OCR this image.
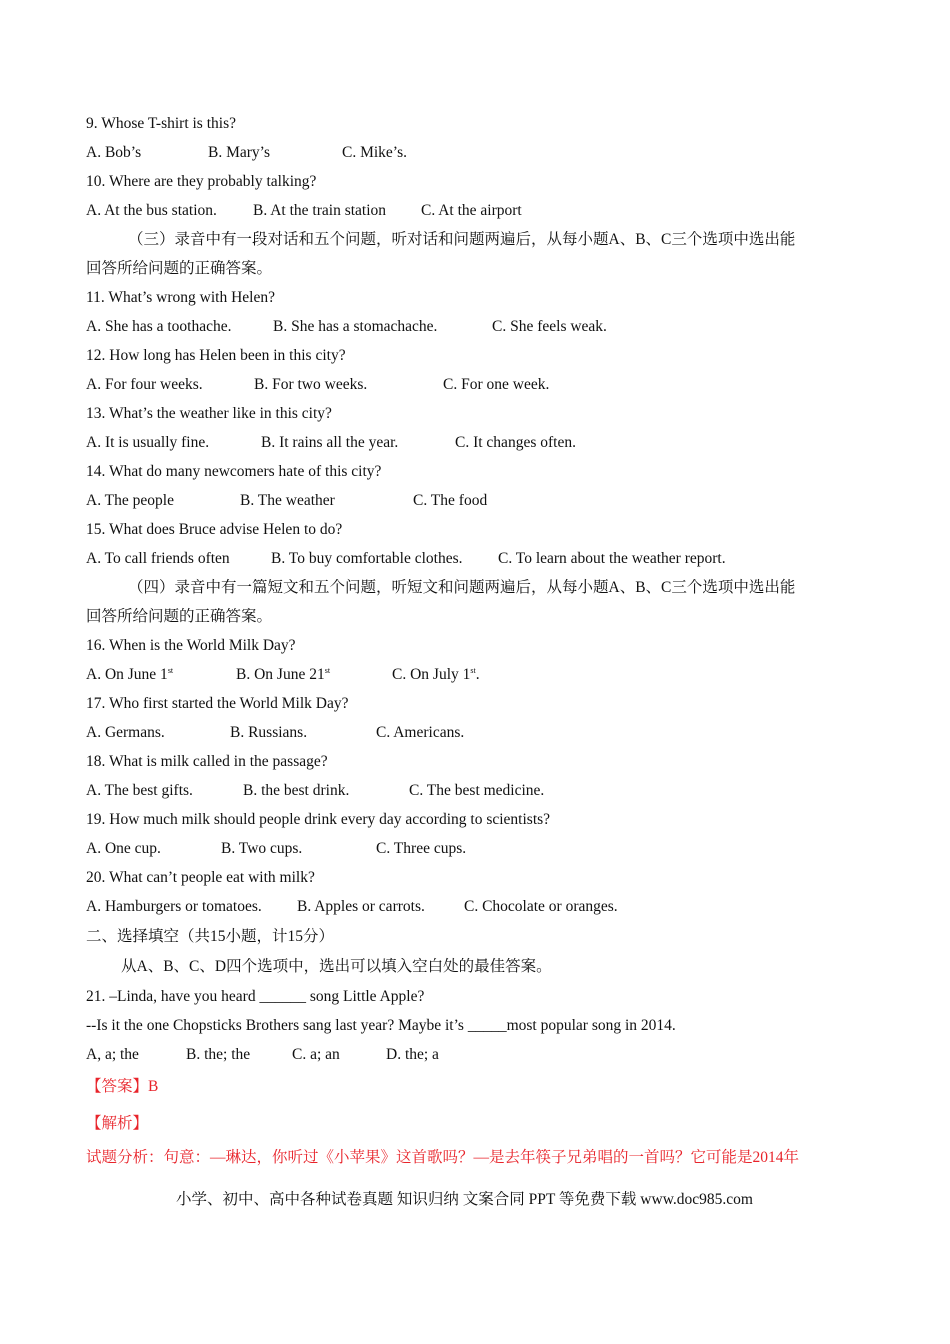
9. Whose T-shirt is this?
A. Bob’s	B. Mary’s	C. Mike’s.
10. Where are they probably talking?
A. At the bus station. B. At the train station C. At the airport
（三）录音中有一段对话和五个问题，听对话和问题两遍后，从每小题A、B、C三个选项中选出能
回答所给问题的正确答案。
11. What’s wrong with Helen?
A. She has a toothache.	B. She has a stomachache.	C. She feels weak.
12. How long has Helen been in this city?
A. For four weeks.	B. For two weeks.	C. For one week.
13. What’s the weather like in this city?
A. It is usually fine.	B. It rains all the year.	C. It changes often.
14. What do many newcomers hate of this city?
A. The people	B. The weather	C. The food
15. What does Bruce advise Helen to do?
A. To call friends often	B. To buy comfortable clothes. C. To learn about the weather report.
（四）录音中有一篇短文和五个问题，听短文和问题两遍后，从每小题A、B、C三个选项中选出能
回答所给问题的正确答案。
16. When is the World Milk Day?
A. On June 1st	B. On June 21st	C. On July 1st.
17. Who first started the World Milk Day?
A. Germans.	B. Russians.	C. Americans.
18. What is milk called in the passage?
A. The best gifts.	B. the best drink.	C. The best medicine.
19. How much milk should people drink every day according to scientists?
A. One cup.	B. Two cups.	C. Three cups.
20. What can’t people eat with milk?
A. Hamburgers or tomatoes. B. Apples or carrots.	C. Chocolate or oranges.
二、选择填空（共15小题，计15分）
从A、B、C、D四个选项中，选出可以填入空白处的最佳答案。
21. –Linda, have you heard ______ song Little Apple?
--Is it the one Chopsticks Brothers sang last year? Maybe it’s _____most popular song in 2014.
A, a; the	B. the; the	C. a; an	D. the; a
【答案】B
【解析】
试题分析：句意：—琳达，你听过《小苹果》这首歌吗？—是去年筷子兄弟唱的一首吗？它可能是2014年
小学、初中、高中各种试卷真题 知识归纳 文案合同 PPT 等免费下载 www.doc985.com
